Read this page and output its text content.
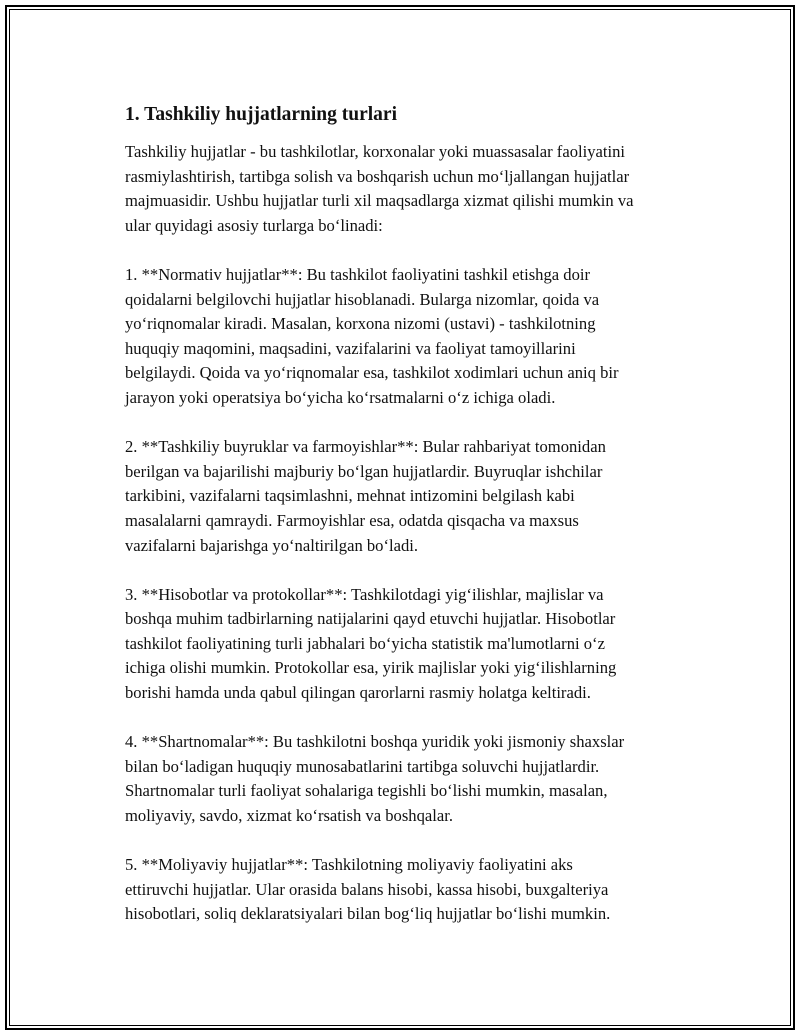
1. Tashkiliy hujjatlarning turlari

Tashkiliy hujjatlar - bu tashkilotlar, korxonalar yoki muassasalar faoliyatini
rasmiylashtirish, tartibga solish va boshqarish uchun mo‘ljallangan hujjatlar
majmuasidir. Ushbu hujjatlar turli xil maqsadlarga xizmat qilishi mumkin va
ular quyidagi asosiy turlarga bo‘linadi:

1. **Normativ hujjatlar**: Bu tashkilot faoliyatini tashkil etishga doir
qoidalarni belgilovchi hujjatlar hisoblanadi. Bularga nizomlar, qoida va
yo‘riqnomalar kiradi. Masalan, korxona nizomi (ustavi) - tashkilotning
huquqiy maqomini, maqsadini, vazifalarini va faoliyat tamoyillarini
belgilaydi. Qoida va yo‘riqnomalar esa, tashkilot xodimlari uchun aniq bir
jarayon yoki operatsiya bo‘yicha ko‘rsatmalarni o‘z ichiga oladi.

2. **Tashkiliy buyruklar va farmoyishlar**: Bular rahbariyat tomonidan
berilgan va bajarilishi majburiy bo‘lgan hujjatlardir. Buyruqlar ishchilar
tarkibini, vazifalarni taqsimlashni, mehnat intizomini belgilash kabi
masalalarni qamraydi. Farmoyishlar esa, odatda qisqacha va maxsus
vazifalarni bajarishga yo‘naltirilgan bo‘ladi.

3. **Hisobotlar va protokollar**: Tashkilotdagi yig‘ilishlar, majlislar va
boshqa muhim tadbirlarning natijalarini qayd etuvchi hujjatlar. Hisobotlar
tashkilot faoliyatining turli jabhalari bo‘yicha statistik ma'lumotlarni o‘z
ichiga olishi mumkin. Protokollar esa, yirik majlislar yoki yig‘ilishlarning
borishi hamda unda qabul qilingan qarorlarni rasmiy holatga keltiradi.

4. **Shartnomalar**: Bu tashkilotni boshqa yuridik yoki jismoniy shaxslar
bilan bo‘ladigan huquqiy munosabatlarini tartibga soluvchi hujjatlardir.
Shartnomalar turli faoliyat sohalariga tegishli bo‘lishi mumkin, masalan,
moliyaviy, savdo, xizmat ko‘rsatish va boshqalar.

5. **Moliyaviy hujjatlar**: Tashkilotning moliyaviy faoliyatini aks
ettiruvchi hujjatlar. Ular orasida balans hisobi, kassa hisobi, buxgalteriya
hisobotlari, soliq deklaratsiyalari bilan bog‘liq hujjatlar bo‘lishi mumkin.
